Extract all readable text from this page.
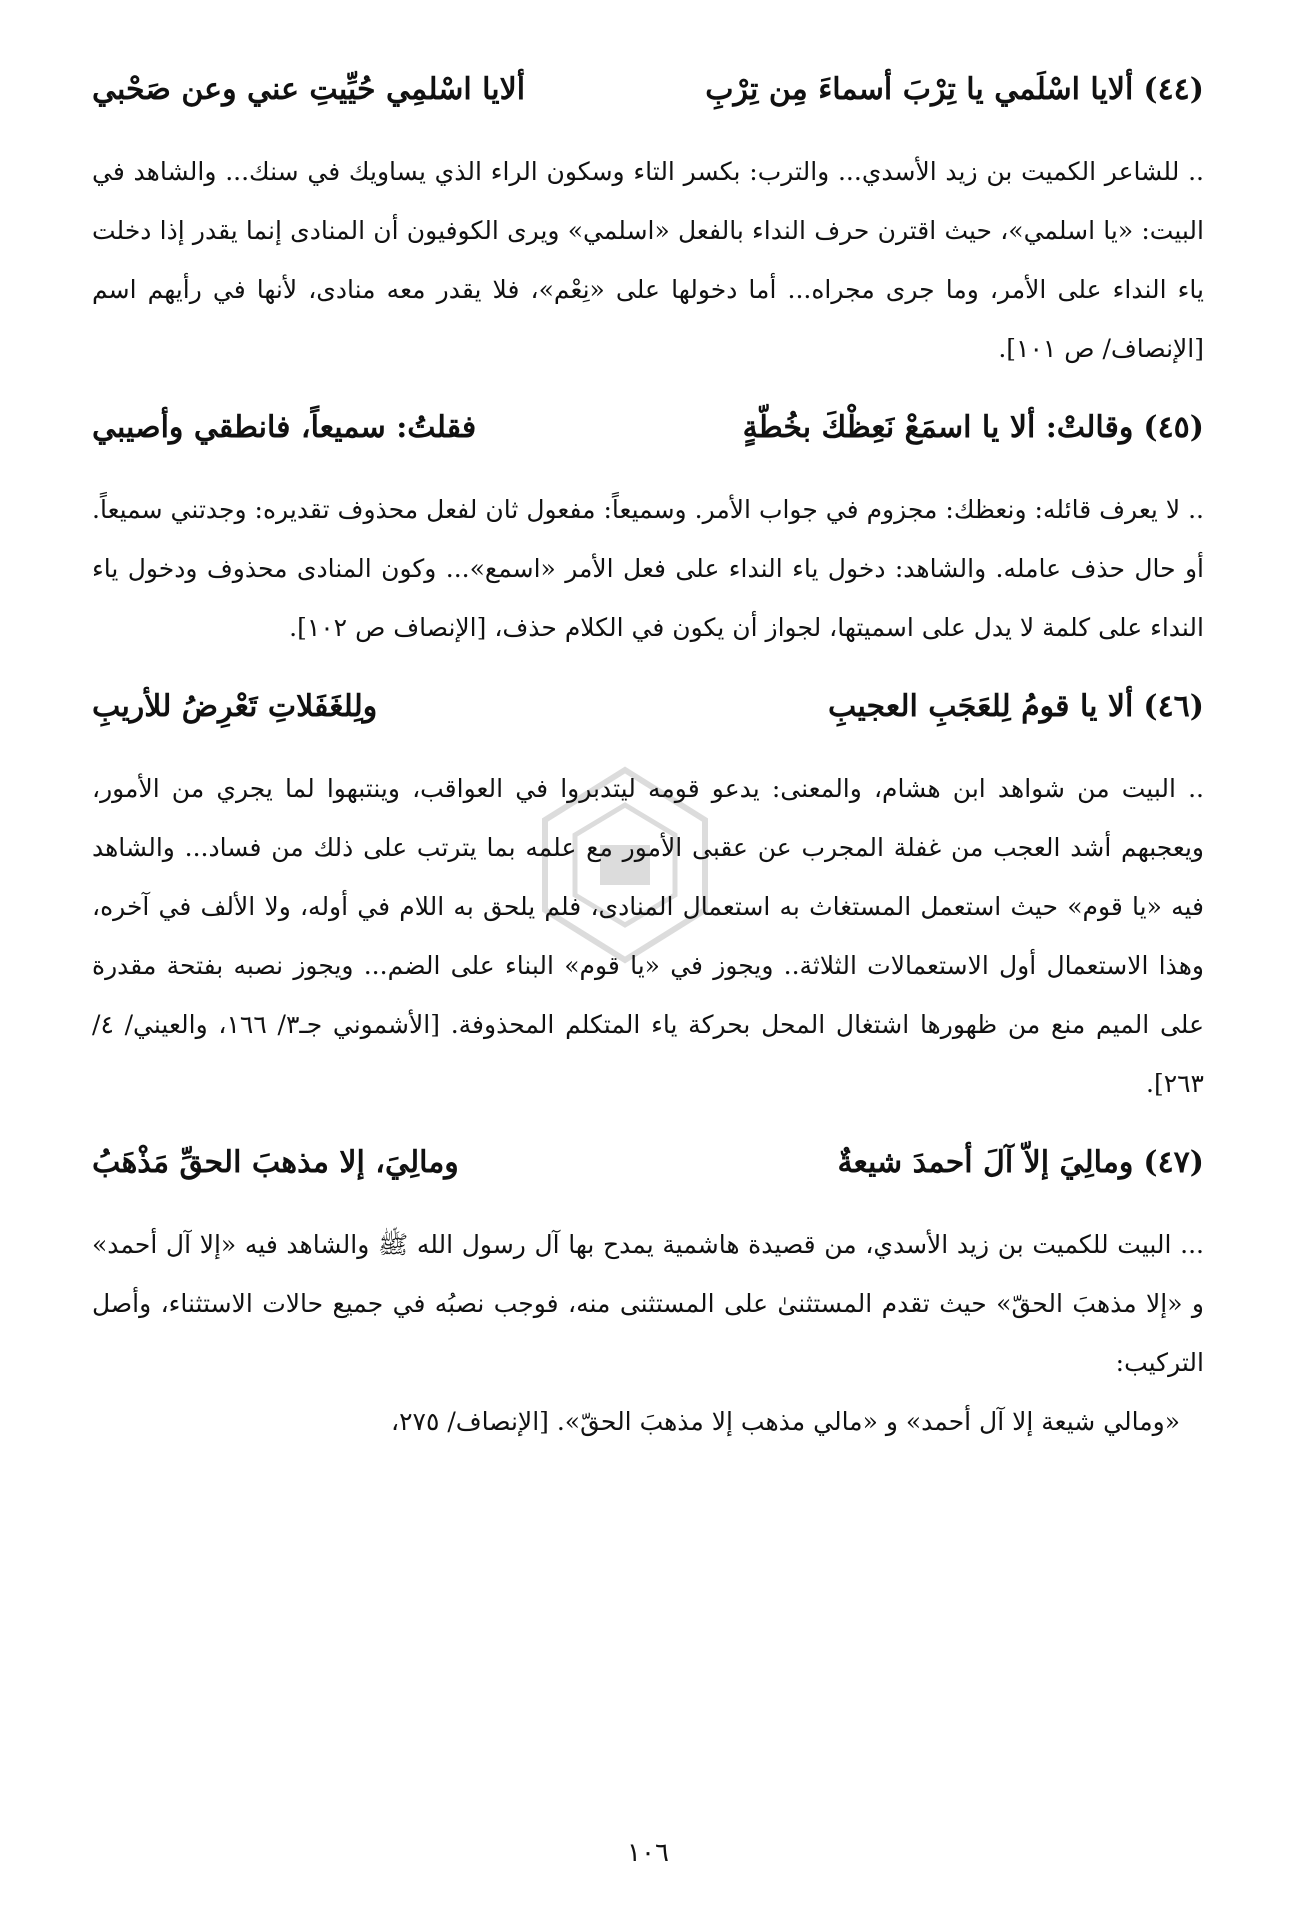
(٤٤)
ألايا اسْلَمي يا تِرْبَ أسماءَ مِن تِرْبِ
ألايا اسْلمِي حُيِّيتِ عني وعن صَحْبي

.. للشاعر الكميت بن زيد الأسدي... والترب: بكسر التاء وسكون الراء الذي يساويك في سنك... والشاهد في البيت: «يا اسلمي»، حيث اقترن حرف النداء بالفعل «اسلمي» ويرى الكوفيون أن المنادى إنما يقدر إذا دخلت ياء النداء على الأمر، وما جرى مجراه... أما دخولها على «نِعْم»، فلا يقدر معه منادى، لأنها في رأيهم اسم [الإنصاف/ ص ١٠١].

(٤٥)
وقالتْ: ألا يا اسمَعْ نَعِظْكَ بخُطّةٍ
فقلتُ: سميعاً، فانطقي وأصيبي

.. لا يعرف قائله: ونعظك: مجزوم في جواب الأمر. وسميعاً: مفعول ثان لفعل محذوف تقديره: وجدتني سميعاً. أو حال حذف عامله. والشاهد: دخول ياء النداء على فعل الأمر «اسمع»... وكون المنادى محذوف ودخول ياء النداء على كلمة لا يدل على اسميتها، لجواز أن يكون في الكلام حذف، [الإنصاف ص ١٠٢].

(٤٦)
ألا يا قومُ لِلعَجَبِ العجيبِ
ولِلغَفَلاتِ تَعْرِضُ للأريبِ

.. البيت من شواهد ابن هشام، والمعنى: يدعو قومه ليتدبروا في العواقب، وينتبهوا لما يجري من الأمور، ويعجبهم أشد العجب من غفلة المجرب عن عقبى الأمور مع علمه بما يترتب على ذلك من فساد... والشاهد فيه «يا قوم» حيث استعمل المستغاث به استعمال المنادى، فلم يلحق به اللام في أوله، ولا الألف في آخره، وهذا الاستعمال أول الاستعمالات الثلاثة.. ويجوز في «يا قوم» البناء على الضم... ويجوز نصبه بفتحة مقدرة على الميم منع من ظهورها اشتغال المحل بحركة ياء المتكلم المحذوفة. [الأشموني جـ٣/ ١٦٦، والعيني/ ٤/ ٢٦٣].

(٤٧)
ومالِيَ إلاّ آلَ أحمدَ شيعةٌ
ومالِيَ، إلا مذهبَ الحقِّ مَذْهَبُ

... البيت للكميت بن زيد الأسدي، من قصيدة هاشمية يمدح بها آل رسول الله ﷺ والشاهد فيه «إلا آل أحمد» و «إلا مذهبَ الحقّ» حيث تقدم المستثنىٰ على المستثنى منه، فوجب نصبُه في جميع حالات الاستثناء، وأصل التركيب:

«ومالي شيعة إلا آل أحمد» و «مالي مذهب إلا مذهبَ الحقّ». [الإنصاف/ ٢٧٥،

١٠٦
